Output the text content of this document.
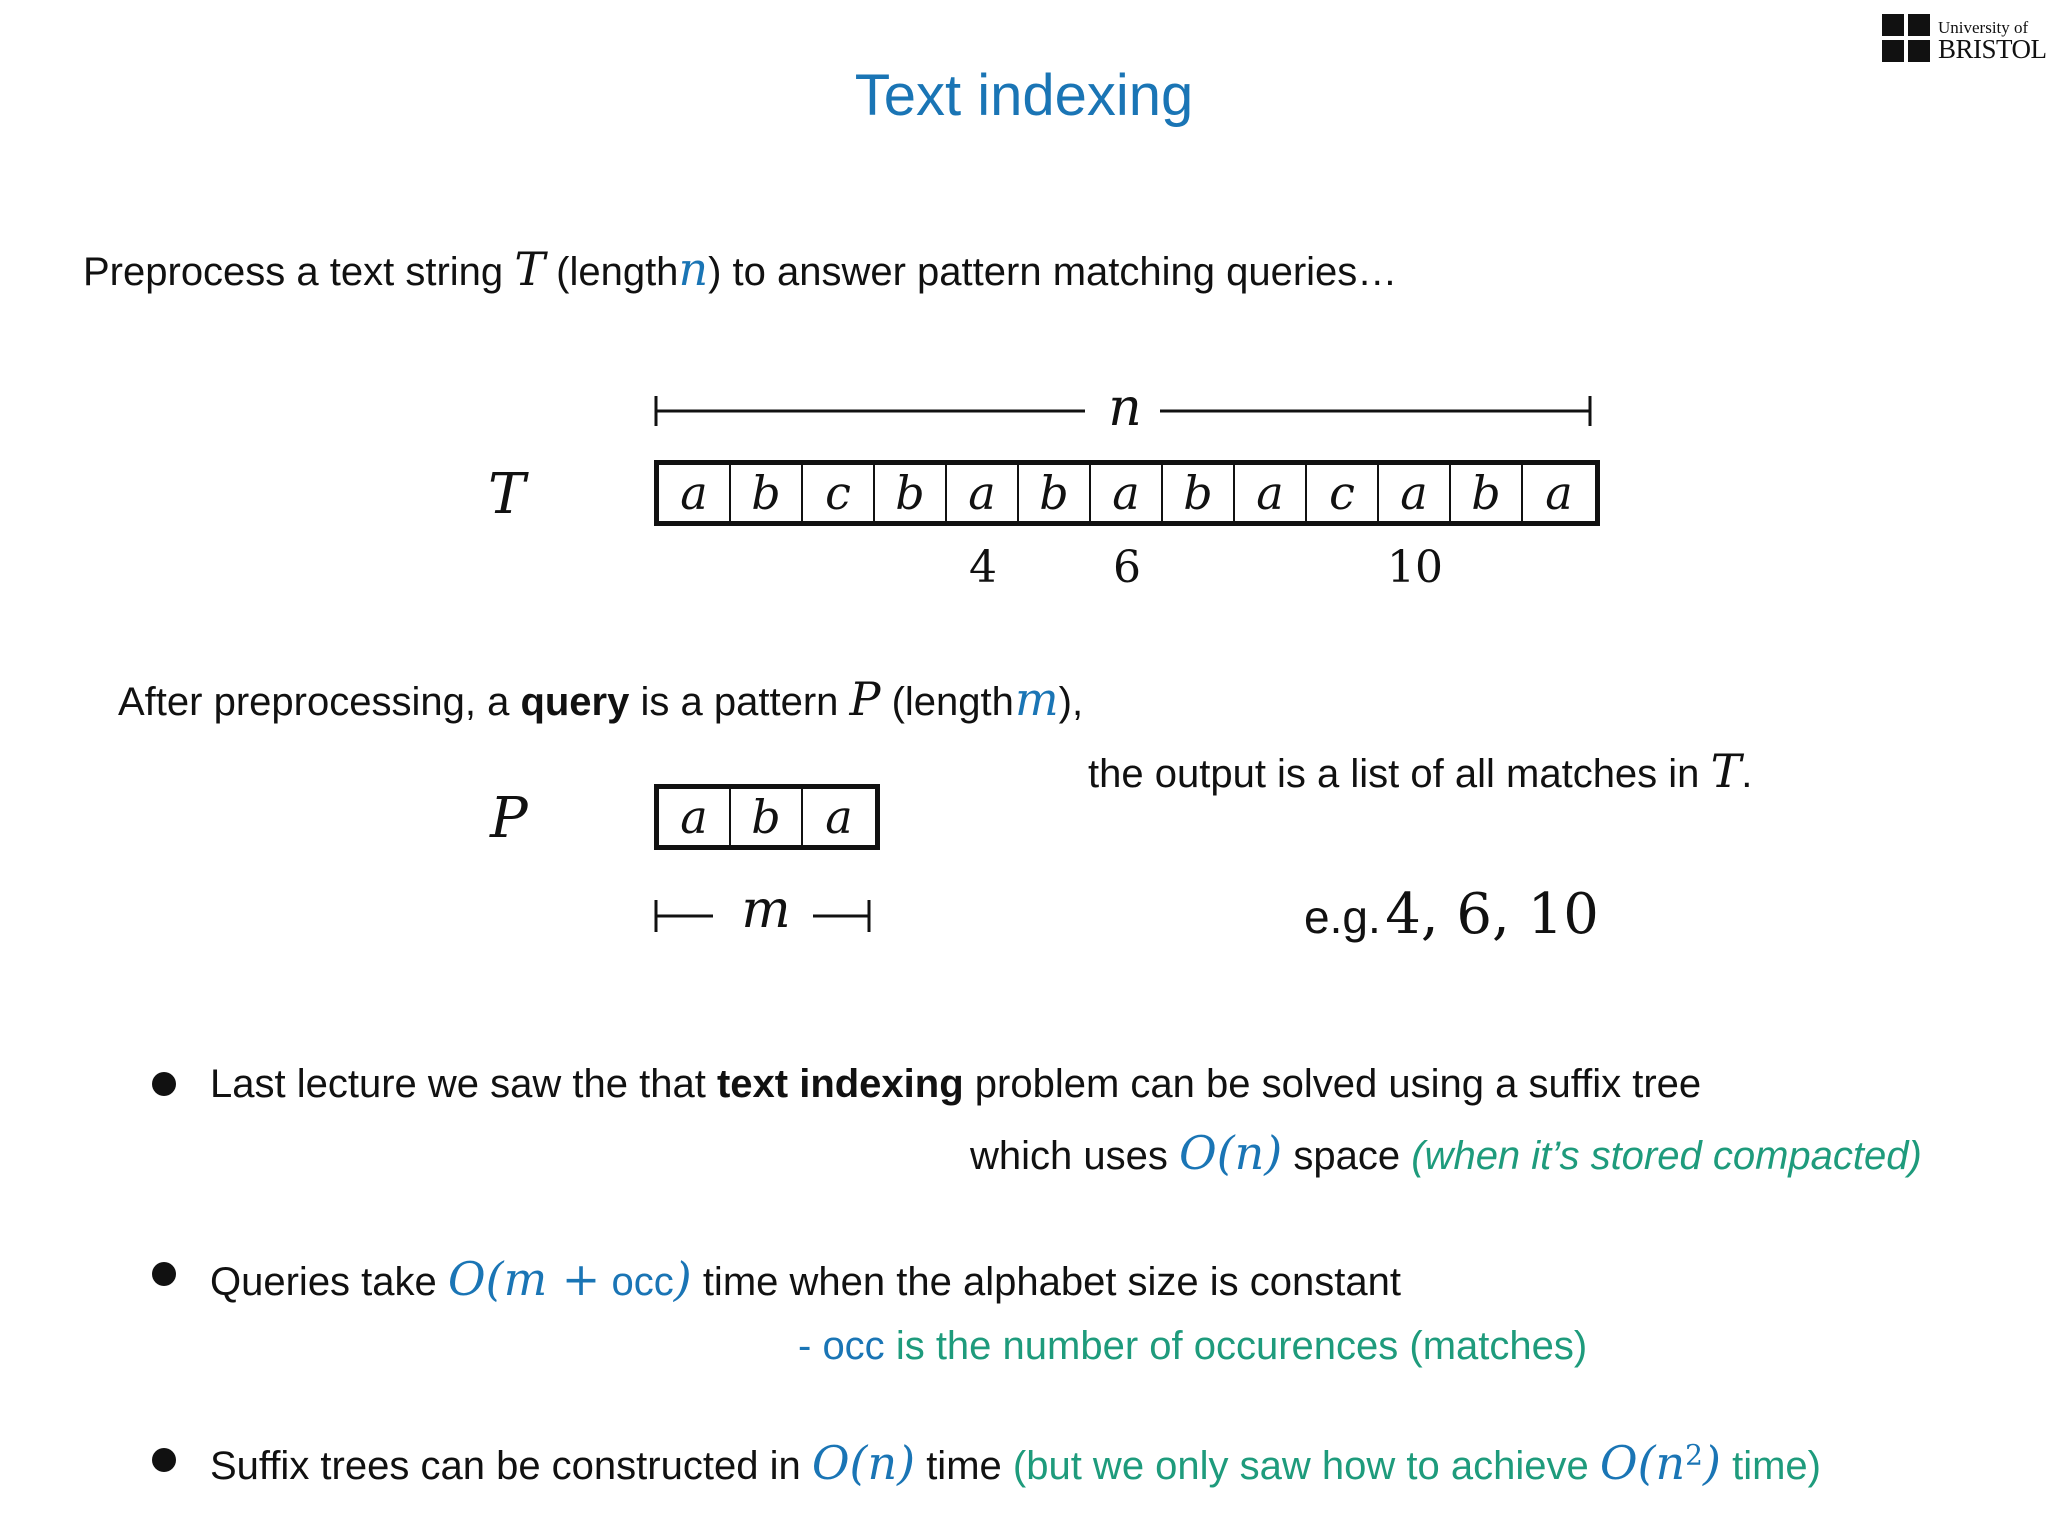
Text indexing
University of
BRISTOL
Preprocess a text string T (lengthn) to answer pattern matching queries…
n
T	a b c b a b a b a c a b a
4	6	10
After preprocessing, a query is a pattern P (length m),
the output is a list of all matches in T.
P	a b a
m	e.g. 4, 6, 10
Last lecture we saw the that text indexing problem can be solved using a suffix tree
which uses O(n) space (when it’s stored compacted)
Queries take O(m + occ) time when the alphabet size is constant
- occ is the number of occurences (matches)
Suffix trees can be constructed in O(n) time (but we only saw how to achieve $O(n^2)$ time)
